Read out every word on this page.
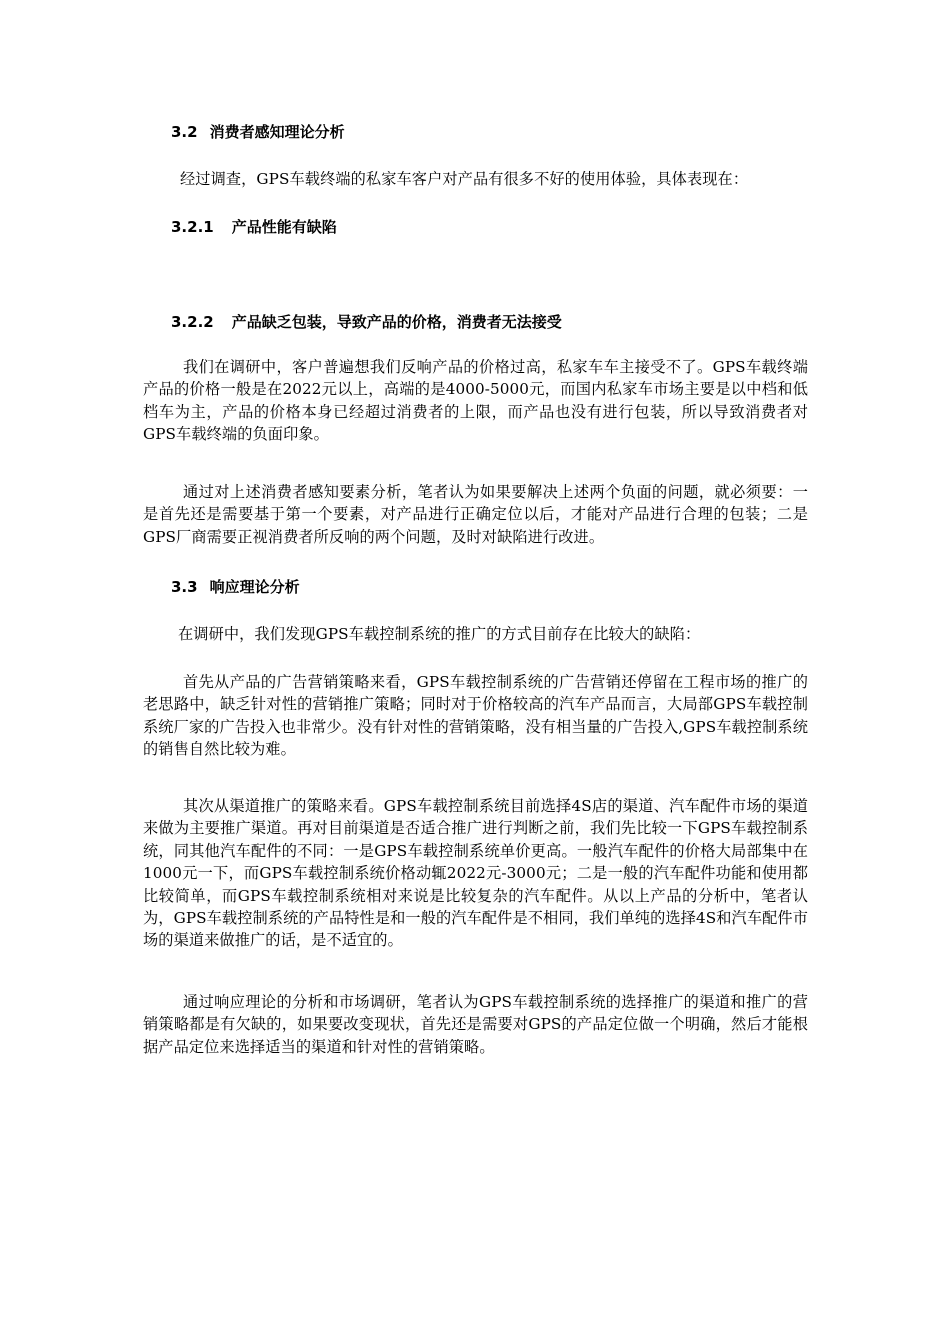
3.2 消费者感知理论分析
经过调查，GPS车载终端的私家车客户对产品有很多不好的使用体验，具体表现在：
3.2.1 产品性能有缺陷
3.2.2 产品缺乏包装，导致产品的价格，消费者无法接受
我们在调研中，客户普遍想我们反响产品的价格过高，私家车车主接受不了。GPS车载终端产品的价格一般是在2022元以上，高端的是4000-5000元，而国内私家车市场主要是以中档和低档车为主，产品的价格本身已经超过消费者的上限，而产品也没有进行包装，所以导致消费者对GPS车载终端的负面印象。
通过对上述消费者感知要素分析，笔者认为如果要解决上述两个负面的问题，就必须要：一是首先还是需要基于第一个要素，对产品进行正确定位以后，才能对产品进行合理的包装；二是GPS厂商需要正视消费者所反响的两个问题，及时对缺陷进行改进。
3.3 响应理论分析
在调研中，我们发现GPS车载控制系统的推广的方式目前存在比较大的缺陷：
首先从产品的广告营销策略来看，GPS车载控制系统的广告营销还停留在工程市场的推广的老思路中，缺乏针对性的营销推广策略；同时对于价格较高的汽车产品而言，大局部GPS车载控制系统厂家的广告投入也非常少。没有针对性的营销策略，没有相当量的广告投入,GPS车载控制系统的销售自然比较为难。
其次从渠道推广的策略来看。GPS车载控制系统目前选择4S店的渠道、汽车配件市场的渠道来做为主要推广渠道。再对目前渠道是否适合推广进行判断之前，我们先比较一下GPS车载控制系统，同其他汽车配件的不同：一是GPS车载控制系统单价更高。一般汽车配件的价格大局部集中在1000元一下，而GPS车载控制系统价格动辄2022元-3000元；二是一般的汽车配件功能和使用都比较简单，而GPS车载控制系统相对来说是比较复杂的汽车配件。从以上产品的分析中，笔者认为，GPS车载控制系统的产品特性是和一般的汽车配件是不相同，我们单纯的选择4S和汽车配件市场的渠道来做推广的话，是不适宜的。
通过响应理论的分析和市场调研，笔者认为GPS车载控制系统的选择推广的渠道和推广的营销策略都是有欠缺的，如果要改变现状，首先还是需要对GPS的产品定位做一个明确，然后才能根据产品定位来选择适当的渠道和针对性的营销策略。
